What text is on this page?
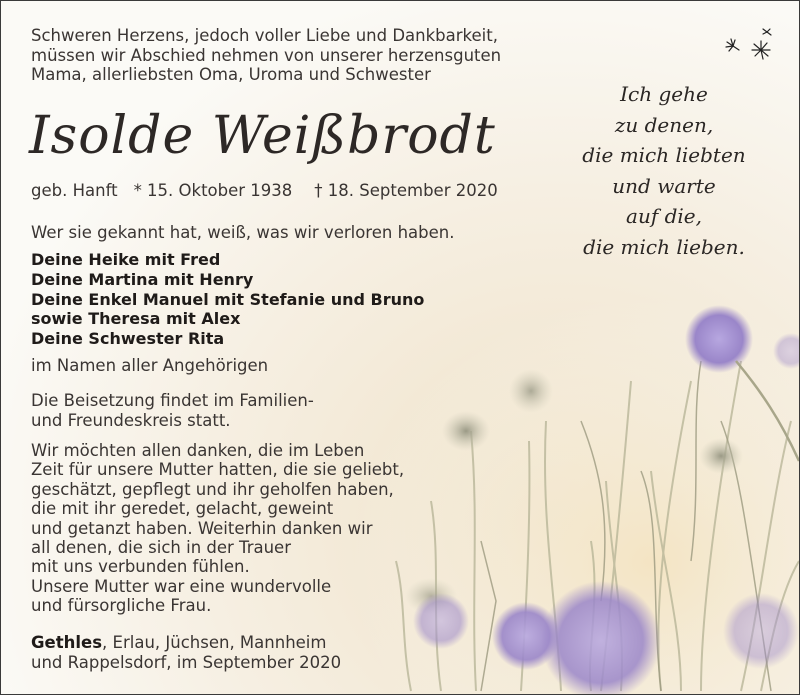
Schweren Herzens, jedoch voller Liebe und Dankbarkeit,
müssen wir Abschied nehmen von unserer herzensguten
Mama, allerliebsten Oma, Uroma und Schwester
Isolde Weißbrodt
geb. Hanft * 15. Oktober 1938 † 18. September 2020
Wer sie gekannt hat, weiß, was wir verloren haben.
Deine Heike mit Fred
Deine Martina mit Henry
Deine Enkel Manuel mit Stefanie und Bruno
sowie Theresa mit Alex
Deine Schwester Rita
im Namen aller Angehörigen
Die Beisetzung findet im Familien-
und Freundeskreis statt.
Wir möchten allen danken, die im Leben
Zeit für unsere Mutter hatten, die sie geliebt,
geschätzt, gepflegt und ihr geholfen haben,
die mit ihr geredet, gelacht, geweint
und getanzt haben. Weiterhin danken wir
all denen, die sich in der Trauer
mit uns verbunden fühlen.
Unsere Mutter war eine wundervolle
und fürsorgliche Frau.
Gethles, Erlau, Jüchsen, Mannheim
und Rappelsdorf, im September 2020
Ich gehe
zu denen,
die mich liebten
und warte
auf die,
die mich lieben.
